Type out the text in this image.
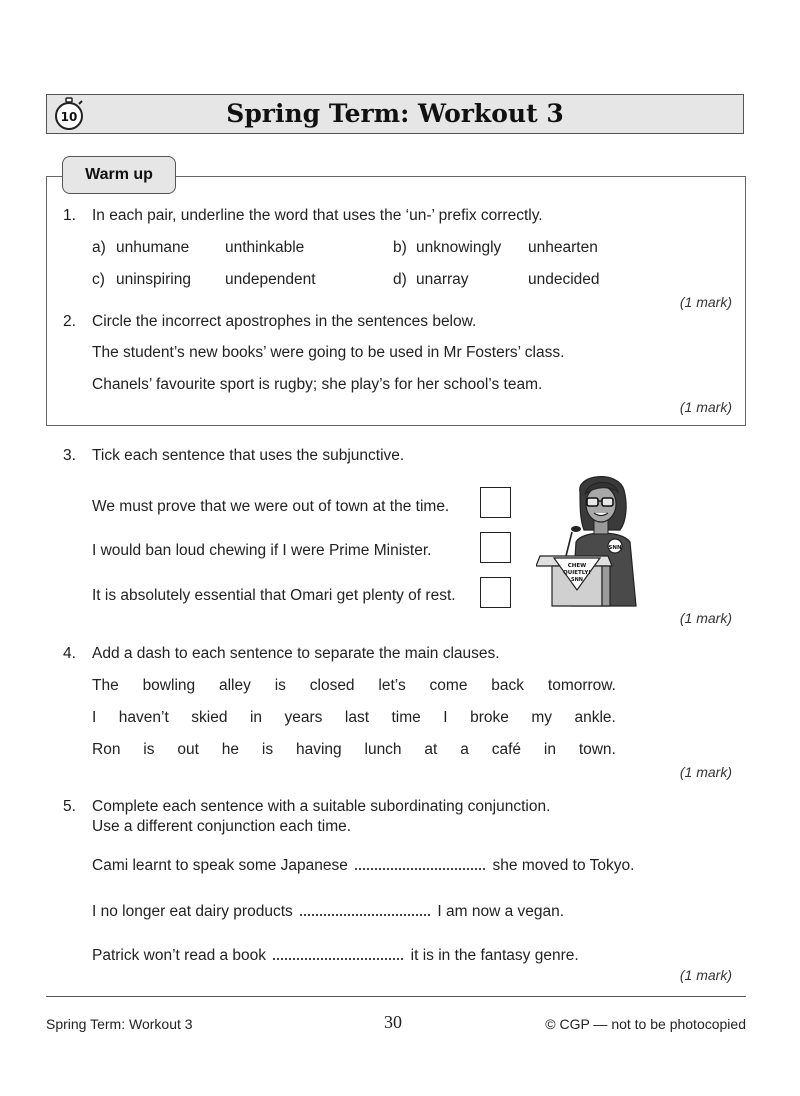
10	Spring Term: Workout 3
Warm up
1. In each pair, underline the word that uses the ‘un-’ prefix correctly.
a) unhumane unthinkable	b) unknowingly unhearten
c) uninspiring undependent	d) unarray	undecided
(1 mark)
2. Circle the incorrect apostrophes in the sentences below.
The student’s new books’ were going to be used in Mr Fosters’ class.
Chanels’ favourite sport is rugby; she play’s for her school’s team.
(1 mark)
3. Tick each sentence that uses the subjunctive.
We must prove that we were out of town at the time.
I would ban loud chewing if I were Prime Minister.
It is absolutely essential that Omari get plenty of rest.
SNN
CHEW
QUIETLY!
SNN
(1 mark)
4. Add a dash to each sentence to separate the main clauses.
The bowling alley is closed let’s come back tomorrow.
I haven’t skied in years last time I broke my ankle.
Ron is out he is having lunch at a café in town.
(1 mark)
5. Complete each sentence with a suitable subordinating conjunction.
Use a different conjunction each time.
Cami learnt to speak some Japanese	she moved to Tokyo.
I no longer eat dairy products	I am now a vegan.
Patrick won’t read a book	it is in the fantasy genre.
(1 mark)
Spring Term: Workout 3	30	© CGP — not to be photocopied
